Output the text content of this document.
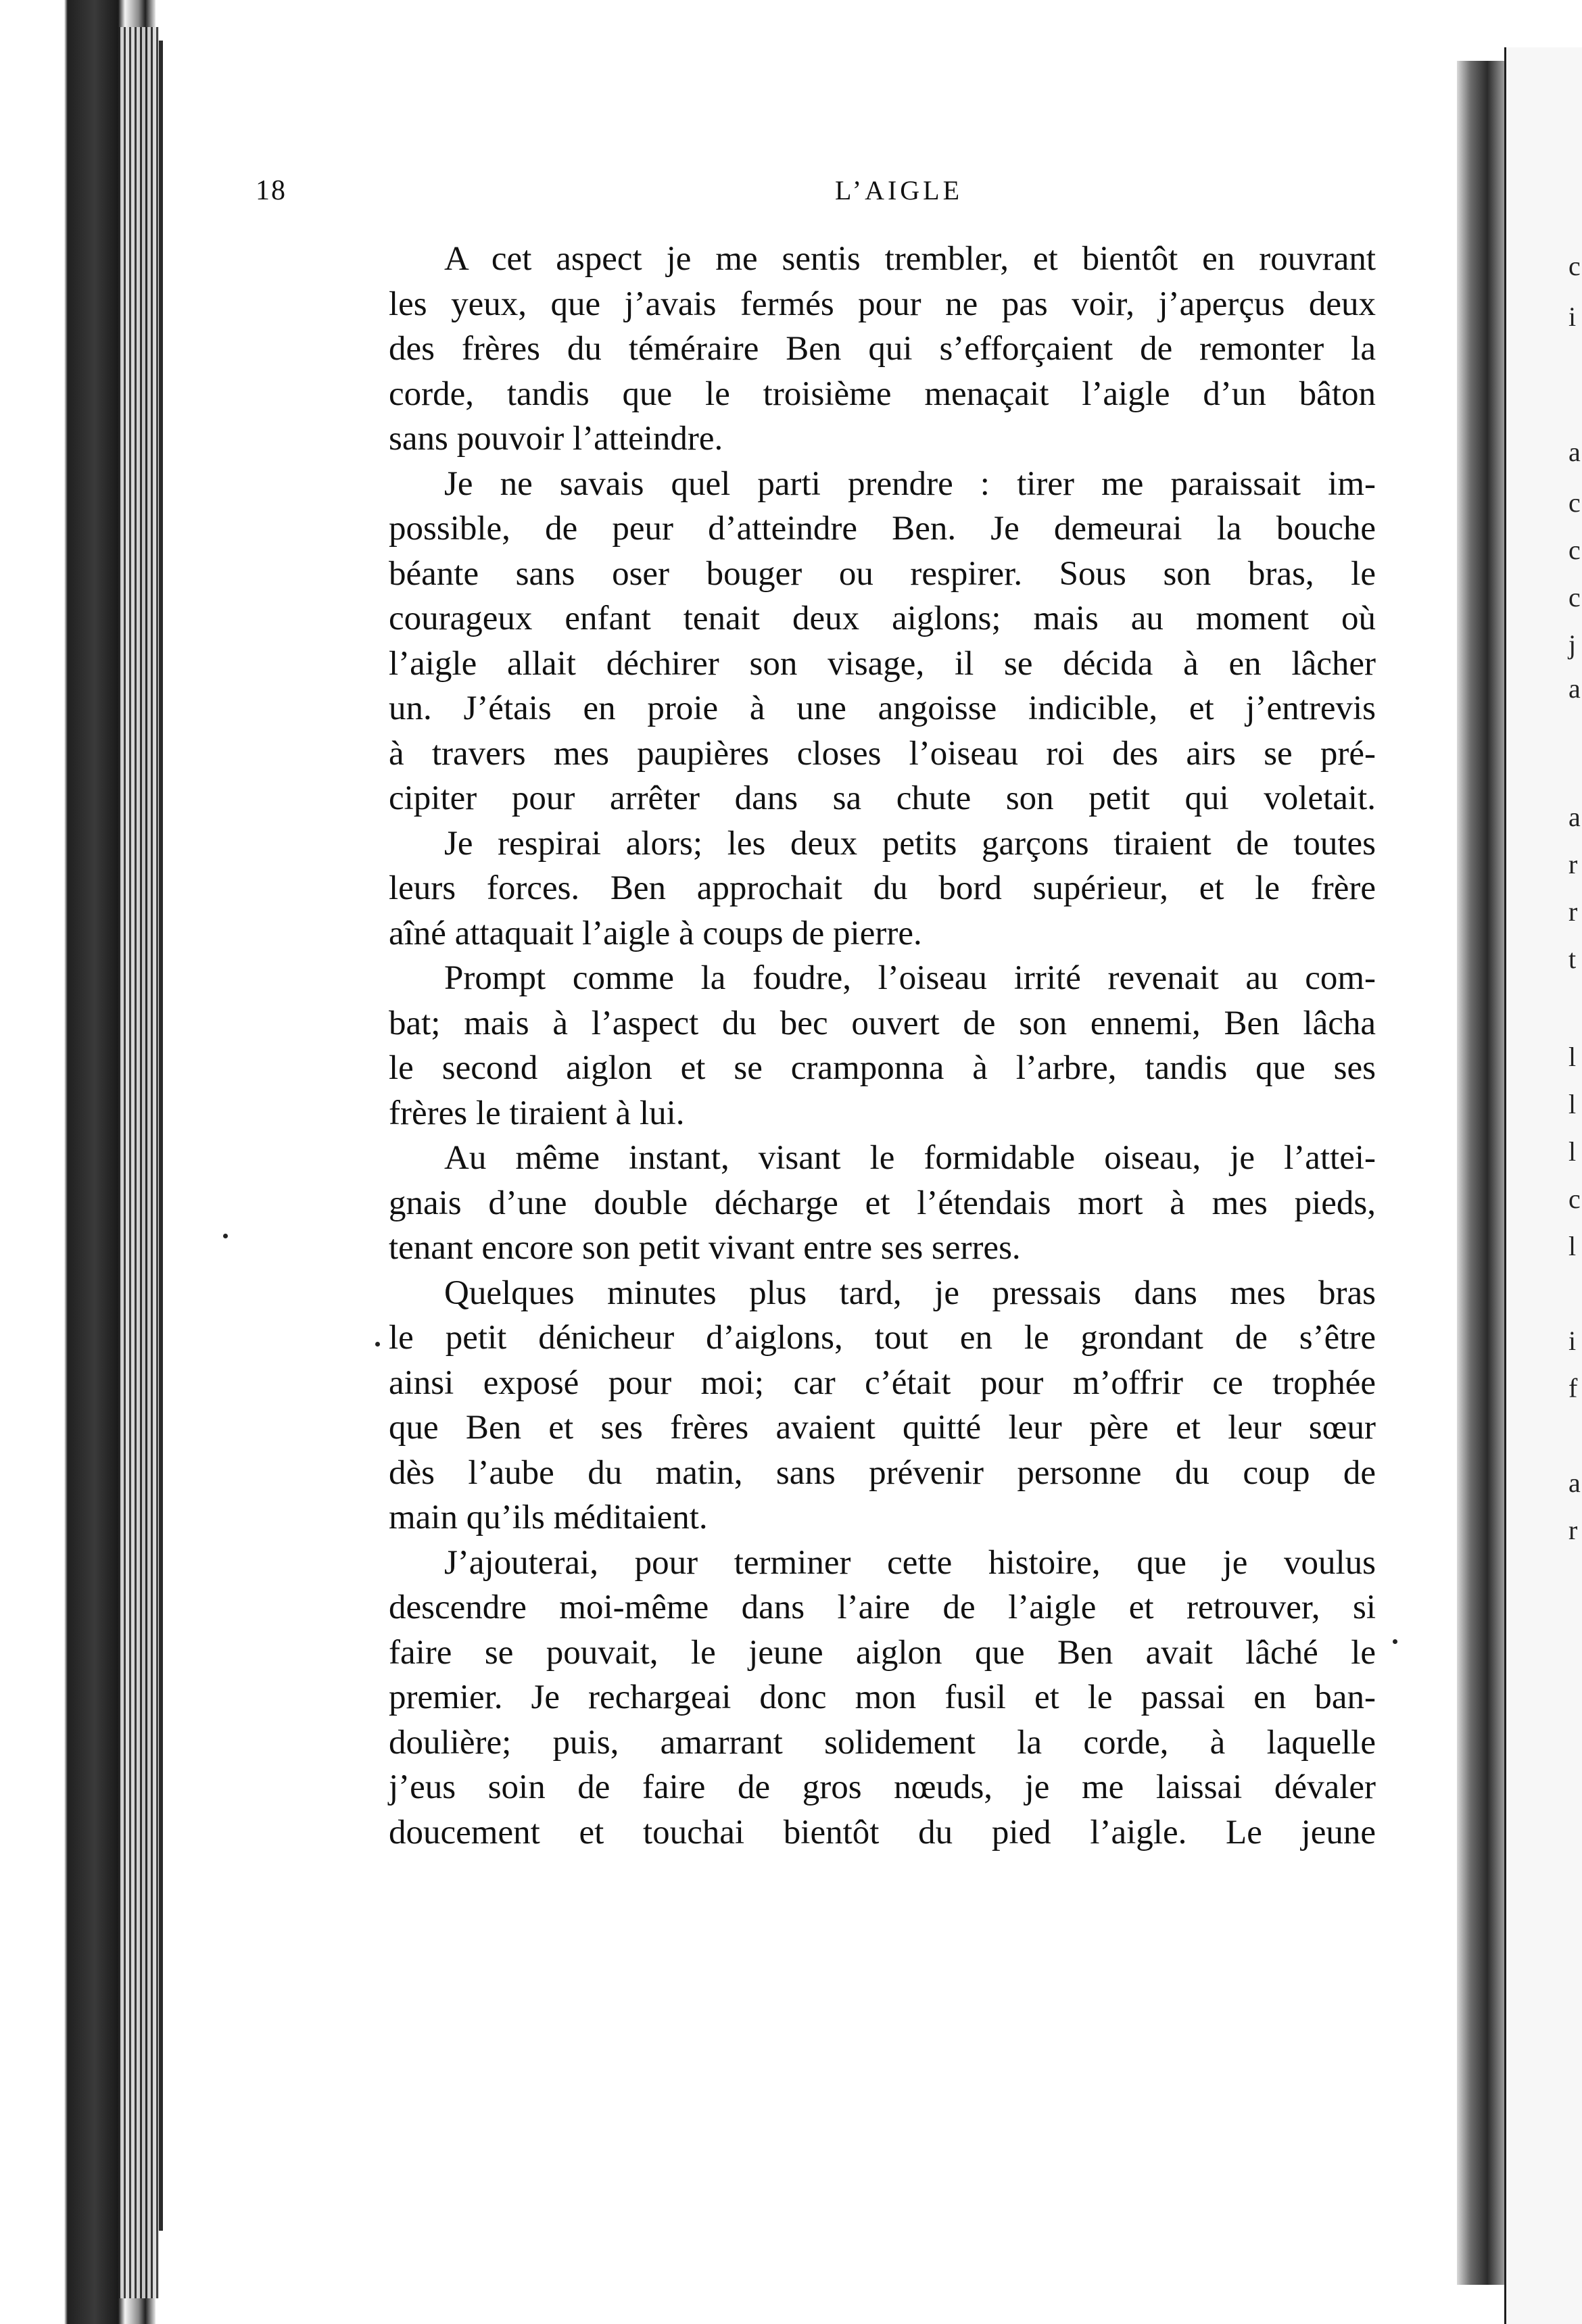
c
i
a
c
c
c
j
a
a
r
r
t
l
l
l
c
l
i
f
a
r
18	L’AIGLE
A cet aspect je me sentis trembler, et bientôt en rouvrant
les yeux, que j’avais fermés pour ne pas voir, j’aperçus deux
des frères du téméraire Ben qui s’efforçaient de remonter la
corde, tandis que le troisième menaçait l’aigle d’un bâton
sans pouvoir l’atteindre.
Je ne savais quel parti prendre : tirer me paraissait im-
possible, de peur d’atteindre Ben. Je demeurai la bouche
béante sans oser bouger ou respirer. Sous son bras, le
courageux enfant tenait deux aiglons; mais au moment où
l’aigle allait déchirer son visage, il se décida à en lâcher
un. J’étais en proie à une angoisse indicible, et j’entrevis
à travers mes paupières closes l’oiseau roi des airs se pré-
cipiter pour arrêter dans sa chute son petit qui voletait.
Je respirai alors; les deux petits garçons tiraient de toutes
leurs forces. Ben approchait du bord supérieur, et le frère
aîné attaquait l’aigle à coups de pierre.
Prompt comme la foudre, l’oiseau irrité revenait au com-
bat; mais à l’aspect du bec ouvert de son ennemi, Ben lâcha
le second aiglon et se cramponna à l’arbre, tandis que ses
frères le tiraient à lui.
Au même instant, visant le formidable oiseau, je l’attei-
gnais d’une double décharge et l’étendais mort à mes pieds,
tenant encore son petit vivant entre ses serres.
Quelques minutes plus tard, je pressais dans mes bras
le petit dénicheur d’aiglons, tout en le grondant de s’être
ainsi exposé pour moi; car c’était pour m’offrir ce trophée
que Ben et ses frères avaient quitté leur père et leur sœur
dès l’aube du matin, sans prévenir personne du coup de
main qu’ils méditaient.
J’ajouterai, pour terminer cette histoire, que je voulus
descendre moi-même dans l’aire de l’aigle et retrouver, si
faire se pouvait, le jeune aiglon que Ben avait lâché le
premier. Je rechargeai donc mon fusil et le passai en ban-
doulière; puis, amarrant solidement la corde, à laquelle
j’eus soin de faire de gros nœuds, je me laissai dévaler
doucement et touchai bientôt du pied l’aigle. Le jeune
